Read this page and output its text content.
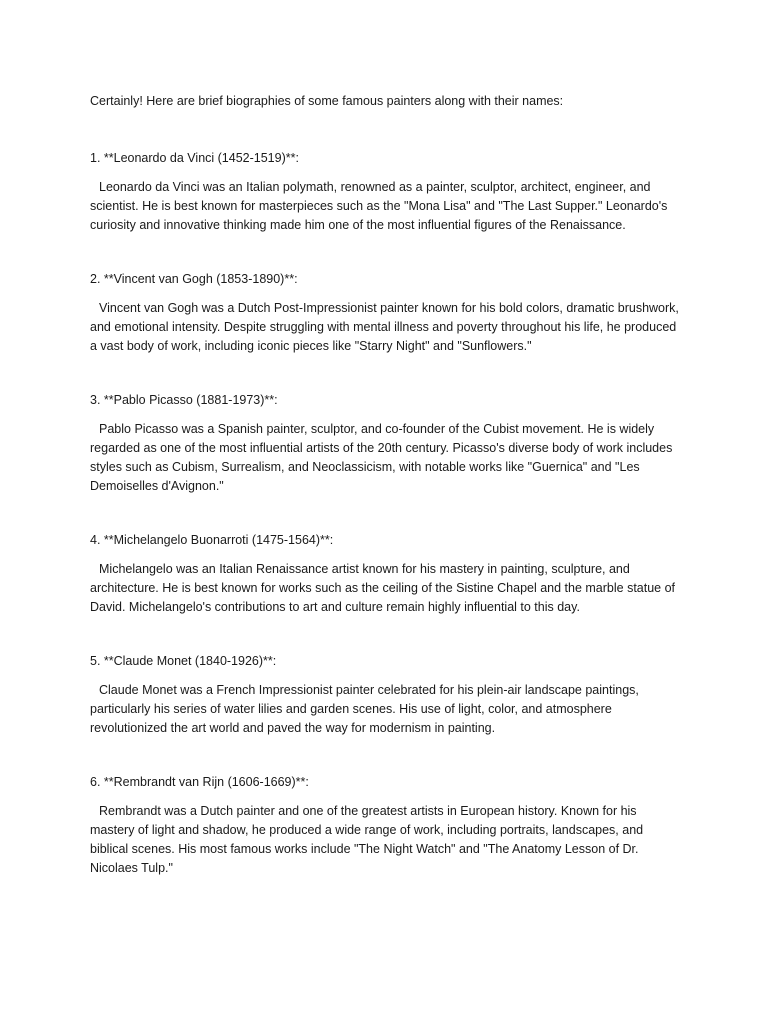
Certainly! Here are brief biographies of some famous painters along with their names:

1. **Leonardo da Vinci (1452-1519)**:

Leonardo da Vinci was an Italian polymath, renowned as a painter, sculptor, architect, engineer, and scientist. He is best known for masterpieces such as the "Mona Lisa" and "The Last Supper." Leonardo's curiosity and innovative thinking made him one of the most influential figures of the Renaissance.

2. **Vincent van Gogh (1853-1890)**:

Vincent van Gogh was a Dutch Post-Impressionist painter known for his bold colors, dramatic brushwork, and emotional intensity. Despite struggling with mental illness and poverty throughout his life, he produced a vast body of work, including iconic pieces like "Starry Night" and "Sunflowers."

3. **Pablo Picasso (1881-1973)**:

Pablo Picasso was a Spanish painter, sculptor, and co-founder of the Cubist movement. He is widely regarded as one of the most influential artists of the 20th century. Picasso's diverse body of work includes styles such as Cubism, Surrealism, and Neoclassicism, with notable works like "Guernica" and "Les Demoiselles d'Avignon."

4. **Michelangelo Buonarroti (1475-1564)**:

Michelangelo was an Italian Renaissance artist known for his mastery in painting, sculpture, and architecture. He is best known for works such as the ceiling of the Sistine Chapel and the marble statue of David. Michelangelo's contributions to art and culture remain highly influential to this day.

5. **Claude Monet (1840-1926)**:

Claude Monet was a French Impressionist painter celebrated for his plein-air landscape paintings, particularly his series of water lilies and garden scenes. His use of light, color, and atmosphere revolutionized the art world and paved the way for modernism in painting.

6. **Rembrandt van Rijn (1606-1669)**:

Rembrandt was a Dutch painter and one of the greatest artists in European history. Known for his mastery of light and shadow, he produced a wide range of work, including portraits, landscapes, and biblical scenes. His most famous works include "The Night Watch" and "The Anatomy Lesson of Dr. Nicolaes Tulp."
